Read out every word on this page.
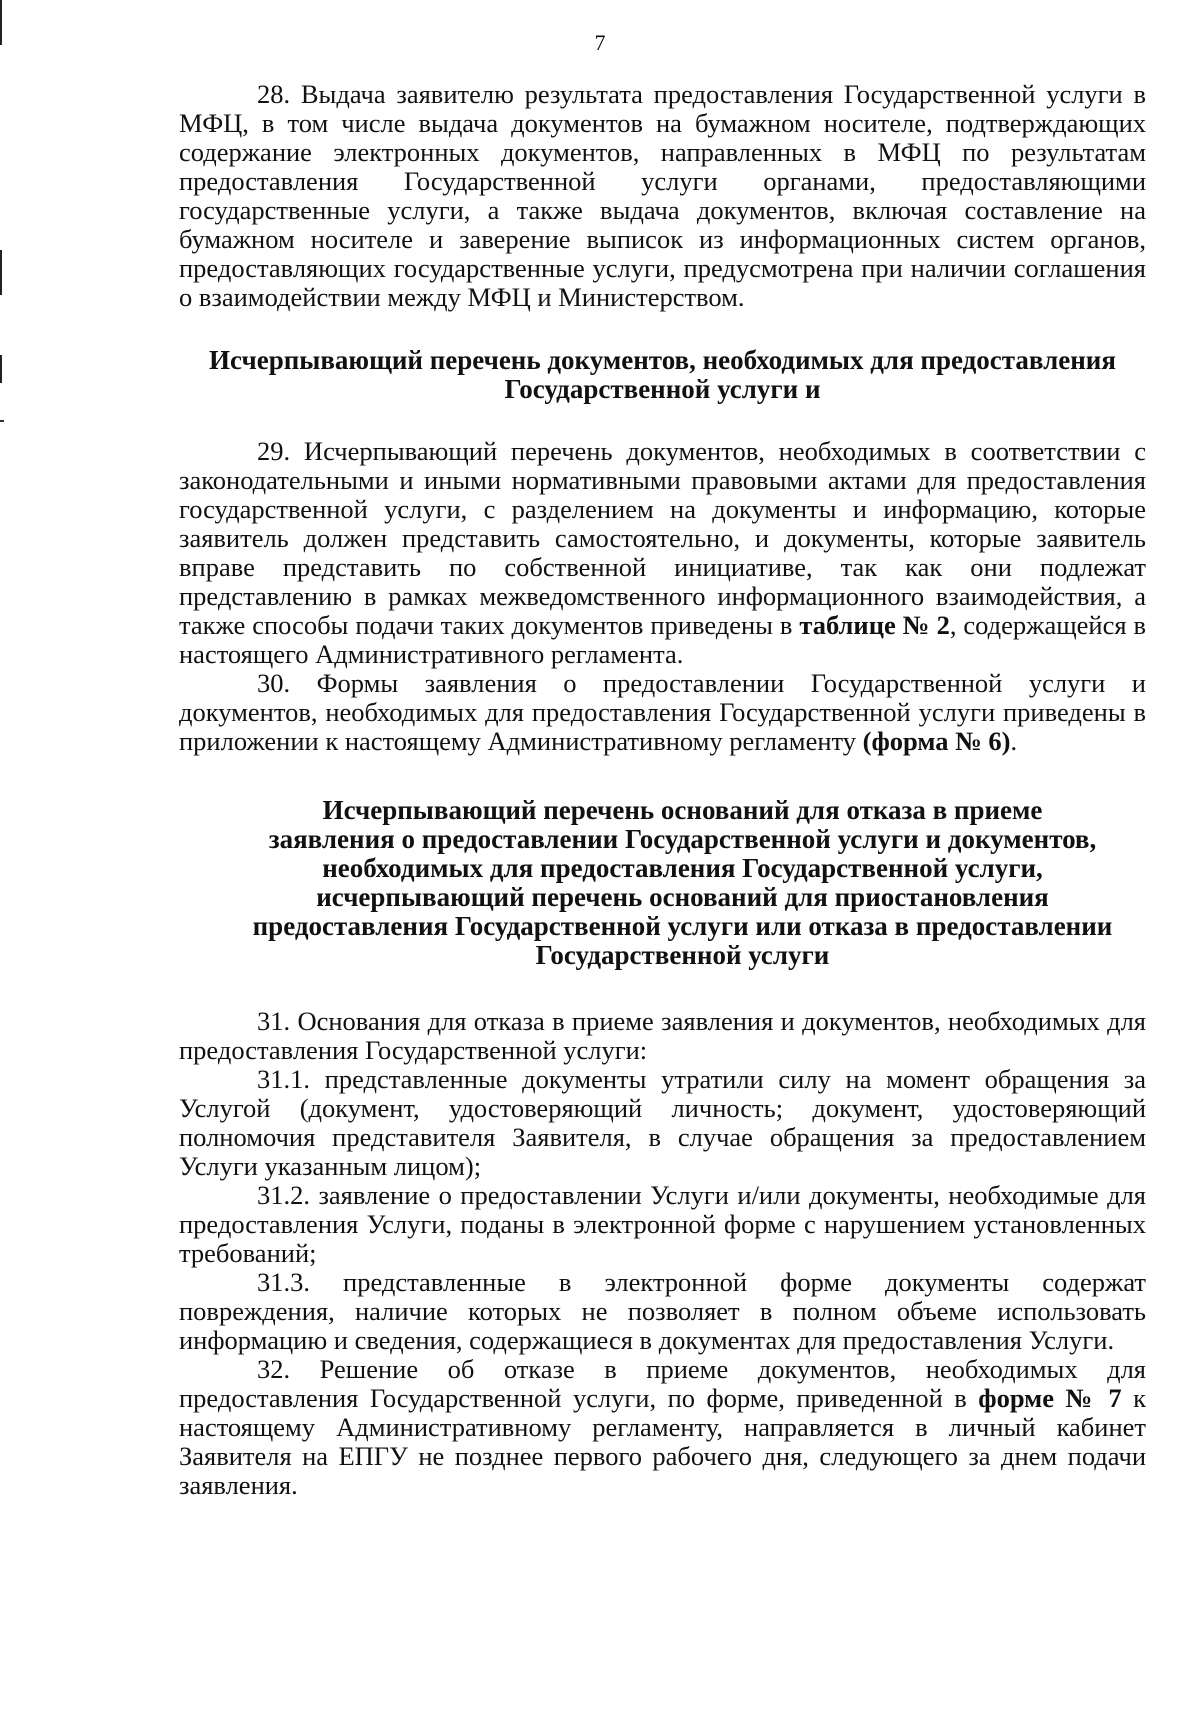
7

28. Выдача заявителю результата предоставления Государственной услуги в МФЦ, в том числе выдача документов на бумажном носителе, подтверждающих содержание электронных документов, направленных в МФЦ по результатам предоставления Государственной услуги органами, предоставляющими государственные услуги, а также выдача документов, включая составление на бумажном носителе и заверение выписок из информационных систем органов, предоставляющих государственные услуги, предусмотрена при наличии соглашения о взаимодействии между МФЦ и Министерством.

Исчерпывающий перечень документов, необходимых для предоставления Государственной услуги и

29. Исчерпывающий перечень документов, необходимых в соответствии с законодательными и иными нормативными правовыми актами для предоставления государственной услуги, с разделением на документы и информацию, которые заявитель должен представить самостоятельно, и документы, которые заявитель вправе представить по собственной инициативе, так как они подлежат представлению в рамках межведомственного информационного взаимодействия, а также способы подачи таких документов приведены в таблице № 2, содержащейся в настоящего Административного регламента.

30. Формы заявления о предоставлении Государственной услуги и документов, необходимых для предоставления Государственной услуги приведены в приложении к настоящему Административному регламенту (форма № 6).

Исчерпывающий перечень оснований для отказа в приеме
заявления о предоставлении Государственной услуги и документов,
необходимых для предоставления Государственной услуги,
исчерпывающий перечень оснований для приостановления
предоставления Государственной услуги или отказа в предоставлении
Государственной услуги

31. Основания для отказа в приеме заявления и документов, необходимых для предоставления Государственной услуги:

31.1. представленные документы утратили силу на момент обращения за Услугой (документ, удостоверяющий личность; документ, удостоверяющий полномочия представителя Заявителя, в случае обращения за предоставлением Услуги указанным лицом);

31.2. заявление о предоставлении Услуги и/или документы, необходимые для предоставления Услуги, поданы в электронной форме с нарушением установленных требований;

31.3. представленные в электронной форме документы содержат повреждения, наличие которых не позволяет в полном объеме использовать информацию и сведения, содержащиеся в документах для предоставления Услуги.

32. Решение об отказе в приеме документов, необходимых для предоставления Государственной услуги, по форме, приведенной в форме № 7 к настоящему Административному регламенту, направляется в личный кабинет Заявителя на ЕПГУ не позднее первого рабочего дня, следующего за днем подачи заявления.
